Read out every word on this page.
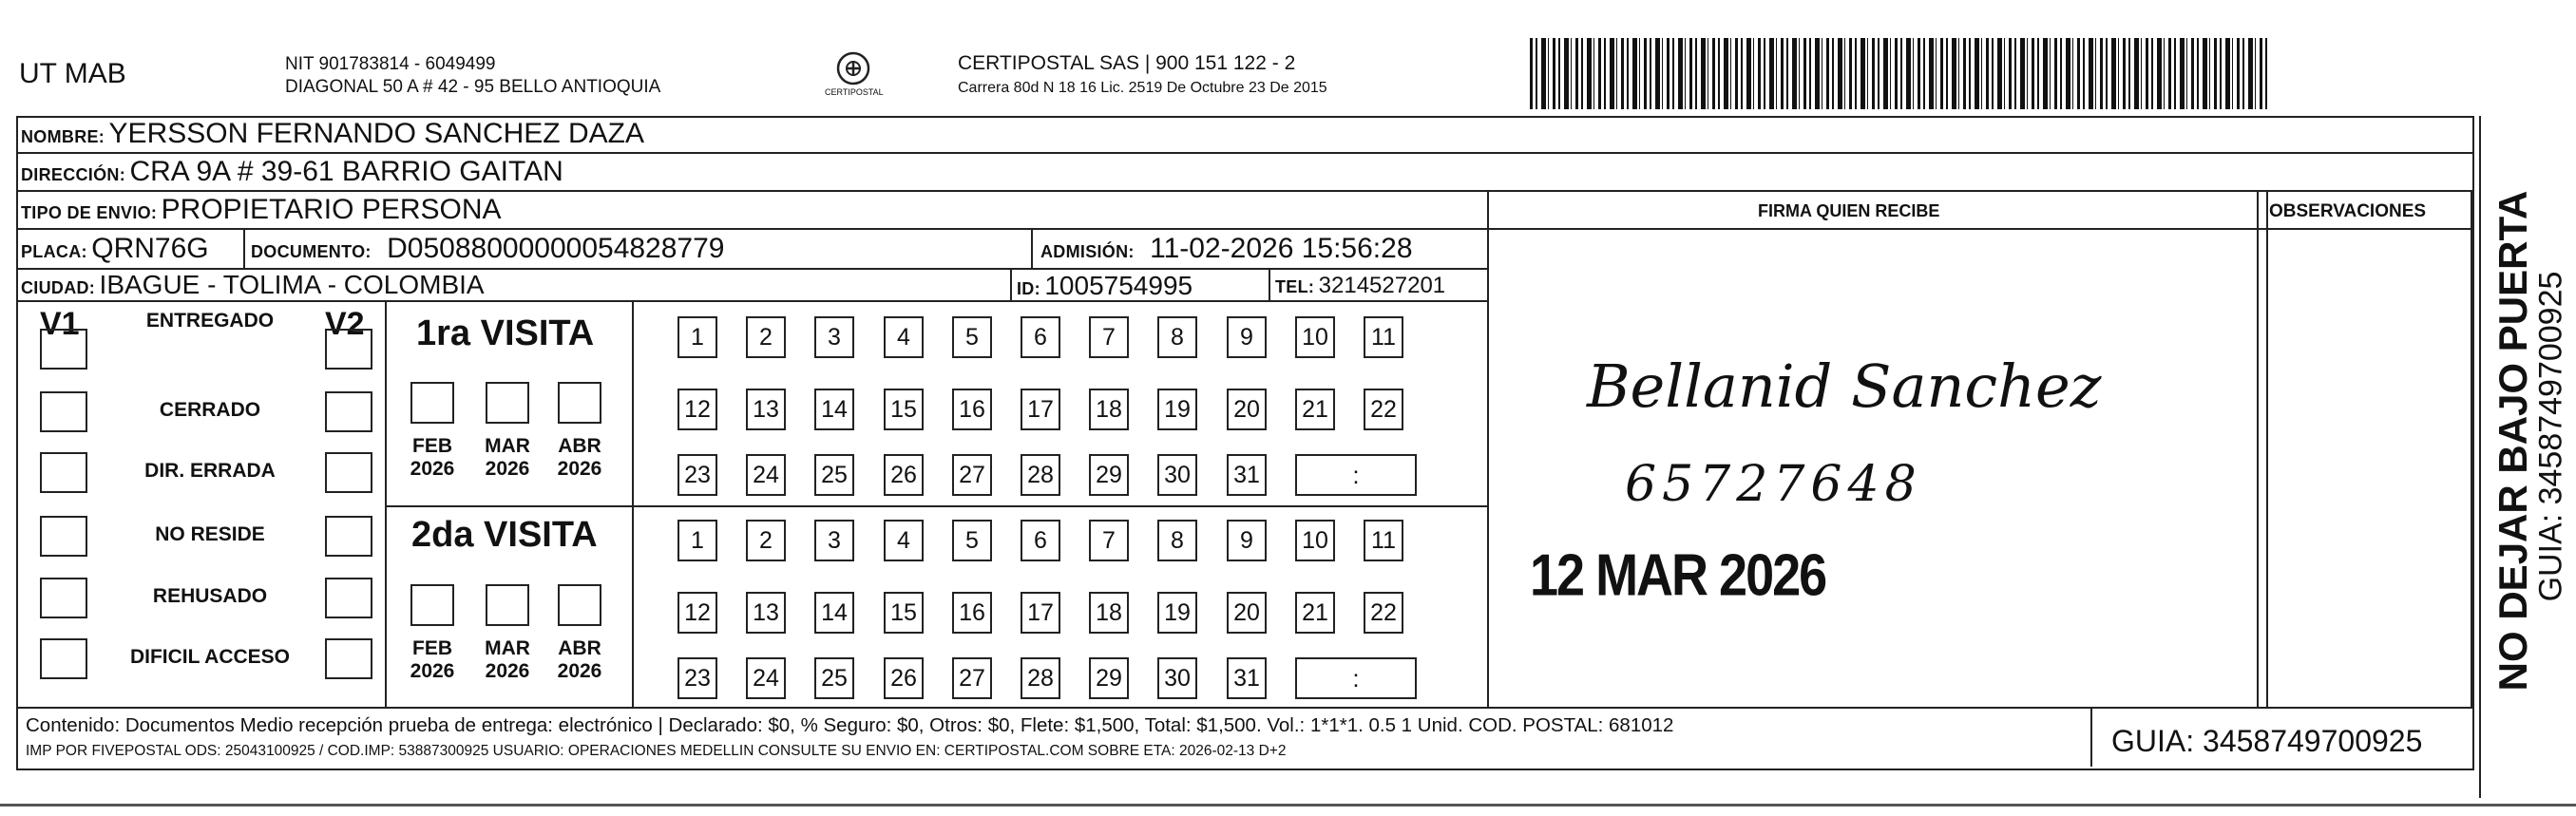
UT MAB	NIT 901783814 - 6049499
DIAGONAL 50 A # 42 - 95 BELLO ANTIOQUIA	CERTIPOSTAL
CERTIPOSTAL SAS | 900 151 122 - 2
Carrera 80d N 18 16 Lic. 2519 De Octubre 23 De 2015
NOMBRE: YERSSON FERNANDO SANCHEZ DAZA
DIRECCIÓN: CRA 9A # 39-61 BARRIO GAITAN
TIPO DE ENVIO: PROPIETARIO PERSONA	FIRMA QUIEN RECIBE	OBSERVACIONES
PLACA: QRN76G DOCUMENTO: D05088000000054828779	ADMISIÓN: 11-02-2026 15:56:28
CIUDAD: IBAGUE - TOLIMA - COLOMBIA	ID: 1005754995	TEL: 3214527201
V1	V2 1ra VISITA
2da VISITA
Bellanid Sanchez
65727648
12 MAR 2026
Contenido: Documentos Medio recepción prueba de entrega: electrónico | Declarado: $0, % Seguro: $0, Otros: $0, Flete: $1,500, Total: $1,500. Vol.: 1*1*1. 0.5 1 Unid. COD. POSTAL: 681012
IMP POR FIVEPOSTAL ODS: 25043100925 / COD.IMP: 53887300925 USUARIO: OPERACIONES MEDELLIN CONSULTE SU ENVIO EN: CERTIPOSTAL.COM SOBRE ETA: 2026-02-13 D+2	GUIA: 3458749700925
NO DEJAR BAJO PUERTA
GUIA: 3458749700925
ENTREGADO
CERRADO
DIR. ERRADA
NO RESIDE
REHUSADO
DIFICIL ACCESO
FEB
2026
MAR
2026
ABR
2026
FEB
2026
MAR
2026
ABR
2026
1	2	3	4	5	6	7	8	9	10	11
12 13 14 15 16 17 18 19 20 21 22
23 24 25 26 27 28 29 30 31	:
1	2	3	4	5	6	7	8	9	10	11
12 13 14 15 16 17 18 19 20 21 22
23 24 25 26 27 28 29 30 31	:
